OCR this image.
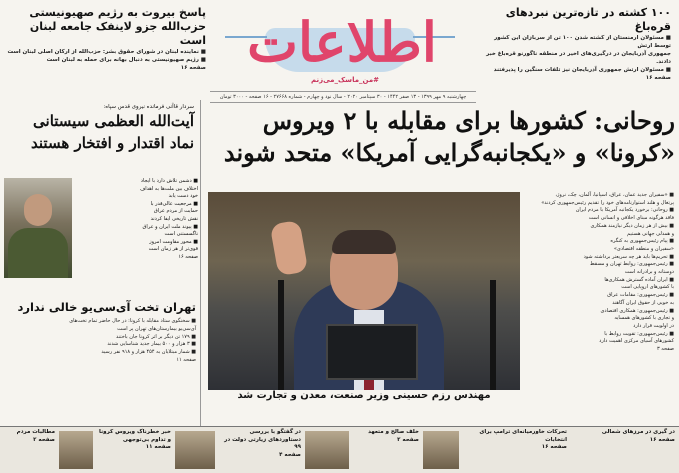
۱۰۰ کشته در تازه‌ترین نبردهای قره‌باغ
■ مسئولان ارمنستان از کشته شدن ۱۰۰ تن از سربازان این کشور توسط ارتش
جمهوری آذربایجان در درگیری‌های اخیر در منطقه ناگورنو قره‌باغ خبر دادند.
■ مسئولان ارتش جمهوری آذربایجان نیز تلفات سنگین را پذیرفتند
صفحه ۱۶
پاسخ بیروت به رژیم صهیونیستی
حزب‌الله جزو لاینفک جامعه لبنان است
■ نماینده لبنان در شورای حقوق بشر: حزب‌الله از ارکان اصلی لبنان است
■ رژیم صهیونیستی به دنبال بهانه برای حمله به لبنان است
صفحه ۱۶ اطلاعات
#من_ماسک_می‌زنم
چهارشنبه ۹ مهر ۱۳۹۹ - ۱۳ صفر ۱۴۴۲ - ۳۰ سپتامبر ۲۰۲۰ - سال نود و چهارم - شماره ۲۷۶۶۸ - ۱۶ صفحه - ۳۰۰۰ تومان
سردار قاآنی فرمانده نیروی قدس سپاه:
آیت‌الله العظمی سیستانی
نماد اقتدار و افتخار هستند
■ دشمن تلاش دارد با ایجاد
اختلاف بین ملت‌ها به اهداف
خود دست یابد
■ مرجعیت عالی‌قدر با
حمایت از مردم عراق
نقش تاریخی ایفا کردند
■ پیوند ملت ایران و عراق
ناگسستنی است
■ محور مقاومت امروز
قوی‌تر از هر زمان است
صفحه ۱۶
تهران تخت آی‌سی‌یو خالی ندارد
■ سخنگوی ستاد مقابله با کرونا: در حال حاضر تمام تخت‌های
آی‌سی‌یو بیمارستان‌های تهران پر است
■ ۱۷۹ تن دیگر بر اثر کرونا جان باختند
■ ۳ هزار و ۵۰۰ بیمار جدید شناسایی شدند
■ شمار مبتلایان به ۴۵۴ هزار و ۹۱۸ نفر رسید
صفحه ۱۱
روحانی: کشورها برای مقابله با ۲ ویروس
«کرونا» و «یکجانبه‌گرایی آمریکا» متحد شوند
مهندس رزم حسینی وزیر صنعت، معدن و تجارت شد
■ «سفیران جدید عمان، عراق، اسپانیا، آلمان، چک، نروژ،
پرتغال و هلند استوارنامه‌های خود را تقدیم رئیس‌جمهوری کردند»
■ روحانی: برخورد یکجانبه آمریکا با مردم ایران
فاقد هرگونه مبنای اخلاقی و انسانی است
■ بیش از هر زمان دیگر نیازمند همکاری
و همدلی جهانی هستیم
■ پیام رئیس‌جمهوری به کنگره
«سفیران و منطقه اقتصادی»
■ تحریم‌ها باید هر چه سریعتر برداشته شود
■ رئیس‌جمهوری: روابط تهران و مسقط
دوستانه و برادرانه است
■ ایران آماده گسترش همکاری‌ها
با کشورهای اروپایی است
■ رئیس‌جمهوری: مقامات عراق
به خوبی از حقوق ایران آگاهند
■ رئیس‌جمهوری: همکاری اقتصادی
و تجاری با کشورهای همسایه
در اولویت قرار دارد
■ رئیس‌جمهوری: تقویت روابط با
کشورهای آسیای مرکزی اهمیت دارد
صفحه ۳
در گیری در مرزهای شمالی
صفحه ۱۶
تحرکات خاورمیانه‌ای ترامپ برای انتخابات
صفحه ۱۶
خلف صالح و متعهد
صفحه ۲
در گفتگو با بررسی دستاوردهای زیارتی دولت در ۹۹
صفحه ۴
خبر خطرناک ویروس کرونا و تداوم بی‌توجهی
صفحه ۱۱
مطالبات مردم
صفحه ۲
